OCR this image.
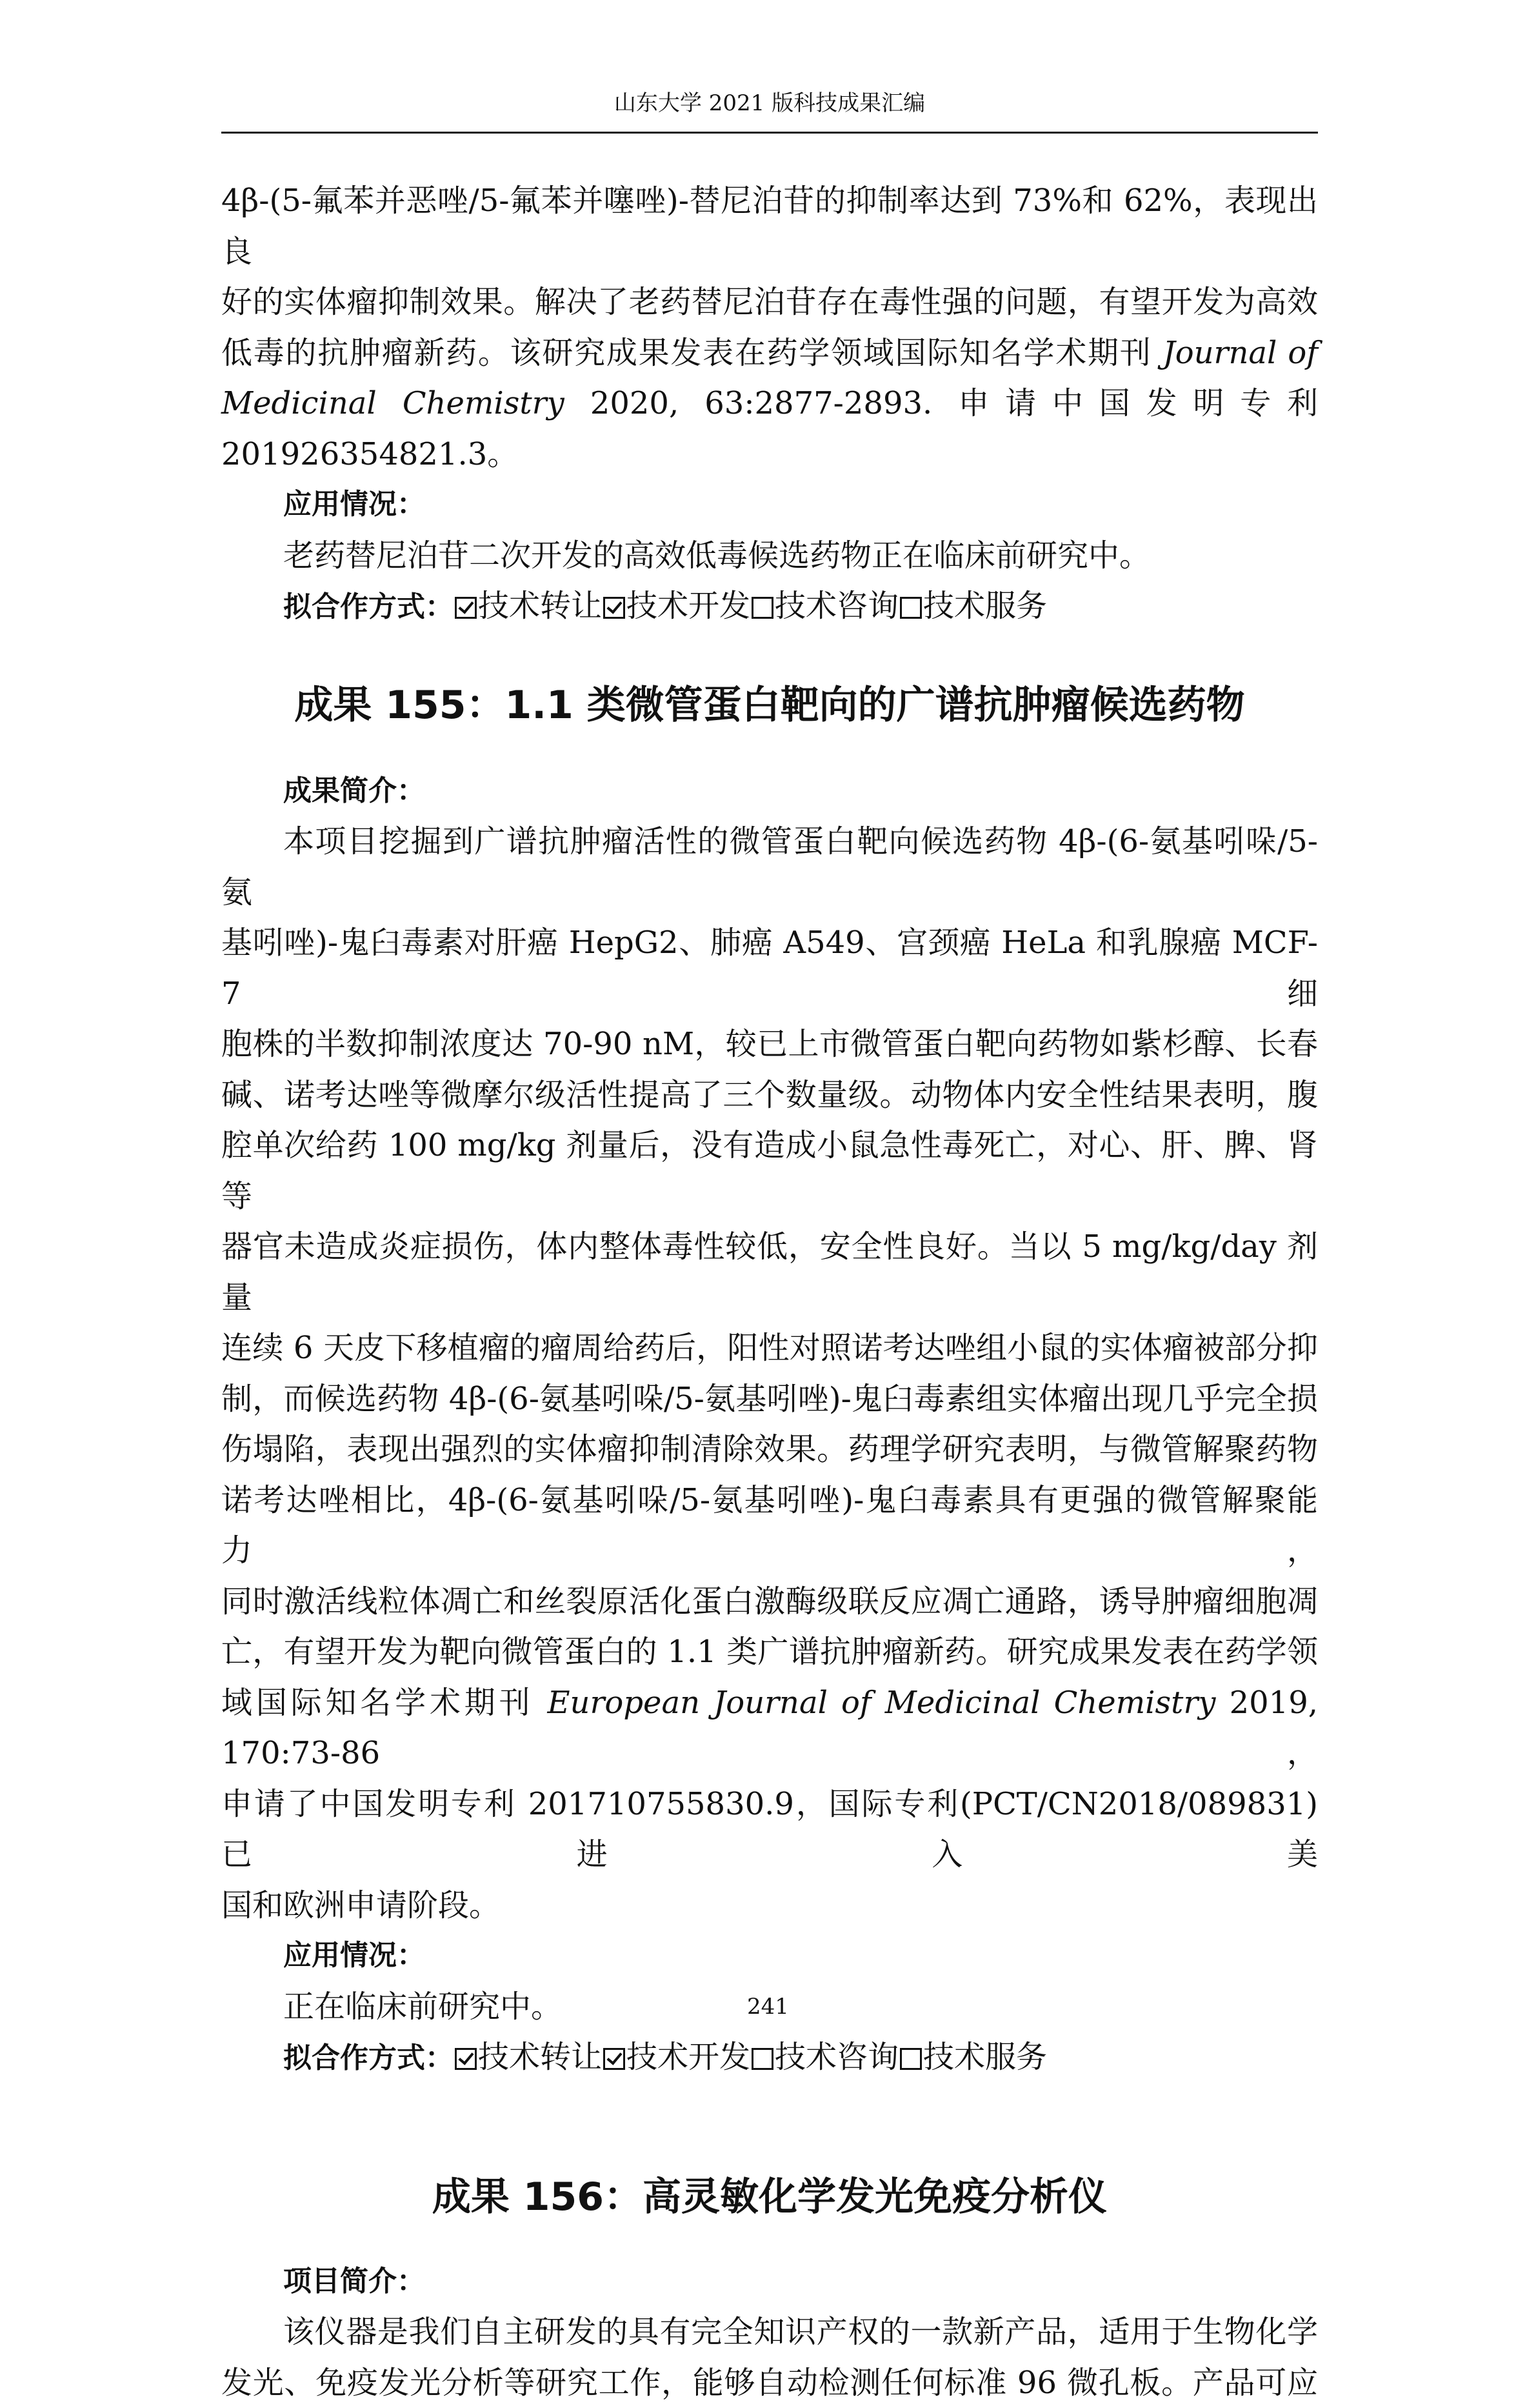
山东大学 2021 版科技成果汇编

4β-(5-氟苯并恶唑/5-氟苯并噻唑)-替尼泊苷的抑制率达到 73%和 62%，表现出良

好的实体瘤抑制效果。解决了老药替尼泊苷存在毒性强的问题，有望开发为高效

低毒的抗肿瘤新药。该研究成果发表在药学领域国际知名学术期刊 Journal of

Medicinal Chemistry 2020, 63:2877-2893. 申请中国发明专利 201926354821.3。

应用情况：

老药替尼泊苷二次开发的高效低毒候选药物正在临床前研究中。

拟合作方式： 技术转让 技术开发 技术咨询 技术服务

成果 155：1.1 类微管蛋白靶向的广谱抗肿瘤候选药物

成果简介：

本项目挖掘到广谱抗肿瘤活性的微管蛋白靶向候选药物 4β-(6-氨基吲哚/5-氨

基吲唑)-鬼臼毒素对肝癌 HepG2、肺癌 A549、宫颈癌 HeLa 和乳腺癌 MCF-7 细

胞株的半数抑制浓度达 70-90 nM，较已上市微管蛋白靶向药物如紫杉醇、长春

碱、诺考达唑等微摩尔级活性提高了三个数量级。动物体内安全性结果表明，腹

腔单次给药 100 mg/kg 剂量后，没有造成小鼠急性毒死亡，对心、肝、脾、肾等

器官未造成炎症损伤，体内整体毒性较低，安全性良好。当以 5 mg/kg/day 剂量

连续 6 天皮下移植瘤的瘤周给药后，阳性对照诺考达唑组小鼠的实体瘤被部分抑

制，而候选药物 4β-(6-氨基吲哚/5-氨基吲唑)-鬼臼毒素组实体瘤出现几乎完全损

伤塌陷，表现出强烈的实体瘤抑制清除效果。药理学研究表明，与微管解聚药物

诺考达唑相比，4β-(6-氨基吲哚/5-氨基吲唑)-鬼臼毒素具有更强的微管解聚能力，

同时激活线粒体凋亡和丝裂原活化蛋白激酶级联反应凋亡通路，诱导肿瘤细胞凋

亡，有望开发为靶向微管蛋白的 1.1 类广谱抗肿瘤新药。研究成果发表在药学领

域国际知名学术期刊 European Journal of Medicinal Chemistry 2019, 170:73-86，

申请了中国发明专利 201710755830.9，国际专利(PCT/CN2018/089831)已进入美

国和欧洲申请阶段。

应用情况：

正在临床前研究中。

拟合作方式： 技术转让 技术开发 技术咨询 技术服务

成果 156：高灵敏化学发光免疫分析仪

项目简介：

该仪器是我们自主研发的具有完全知识产权的一款新产品，适用于生物化学

发光、免疫发光分析等研究工作，能够自动检测任何标准 96 微孔板。产品可应

241
